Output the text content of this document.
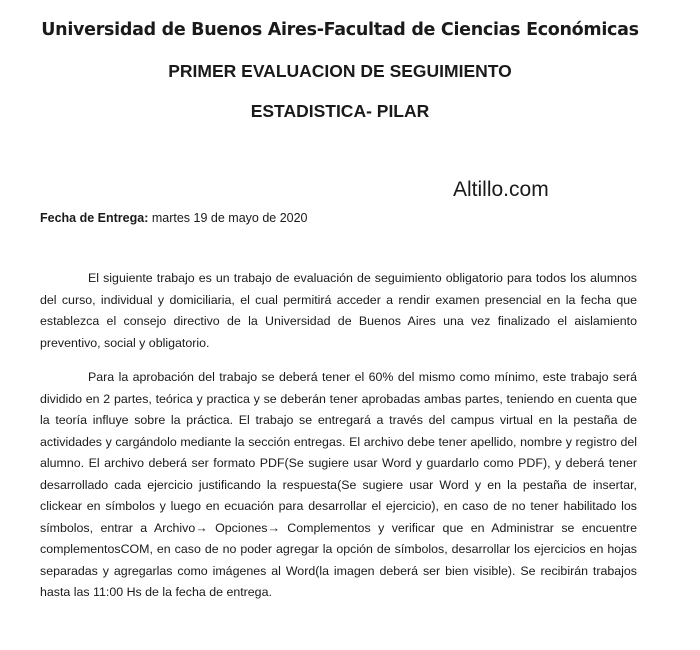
Universidad de Buenos Aires-Facultad de Ciencias Económicas
PRIMER EVALUACION DE SEGUIMIENTO
ESTADISTICA- PILAR
Altillo.com
Fecha de Entrega: martes 19 de mayo de 2020

El siguiente trabajo es un trabajo de evaluación de seguimiento obligatorio para todos los alumnos del curso, individual y domiciliaria, el cual permitirá acceder a rendir examen presencial en la fecha que establezca el consejo directivo de la Universidad de Buenos Aires una vez finalizado el aislamiento preventivo, social y obligatorio.

Para la aprobación del trabajo se deberá tener el 60% del mismo como mínimo, este trabajo será dividido en 2 partes, teórica y practica y se deberán tener aprobadas ambas partes, teniendo en cuenta que la teoría influye sobre la práctica. El trabajo se entregará a través del campus virtual en la pestaña de actividades y cargándolo mediante la sección entregas. El archivo debe tener apellido, nombre y registro del alumno. El archivo deberá ser formato PDF(Se sugiere usar Word y guardarlo como PDF), y deberá tener desarrollado cada ejercicio justificando la respuesta(Se sugiere usar Word y en la pestaña de insertar, clickear en símbolos y luego en ecuación para desarrollar el ejercicio), en caso de no tener habilitado los símbolos, entrar a Archivo→ Opciones→ Complementos y verificar que en Administrar se encuentre complementosCOM, en caso de no poder agregar la opción de símbolos, desarrollar los ejercicios en hojas separadas y agregarlas como imágenes al Word(la imagen deberá ser bien visible). Se recibirán trabajos hasta las 11:00 Hs de la fecha de entrega.
